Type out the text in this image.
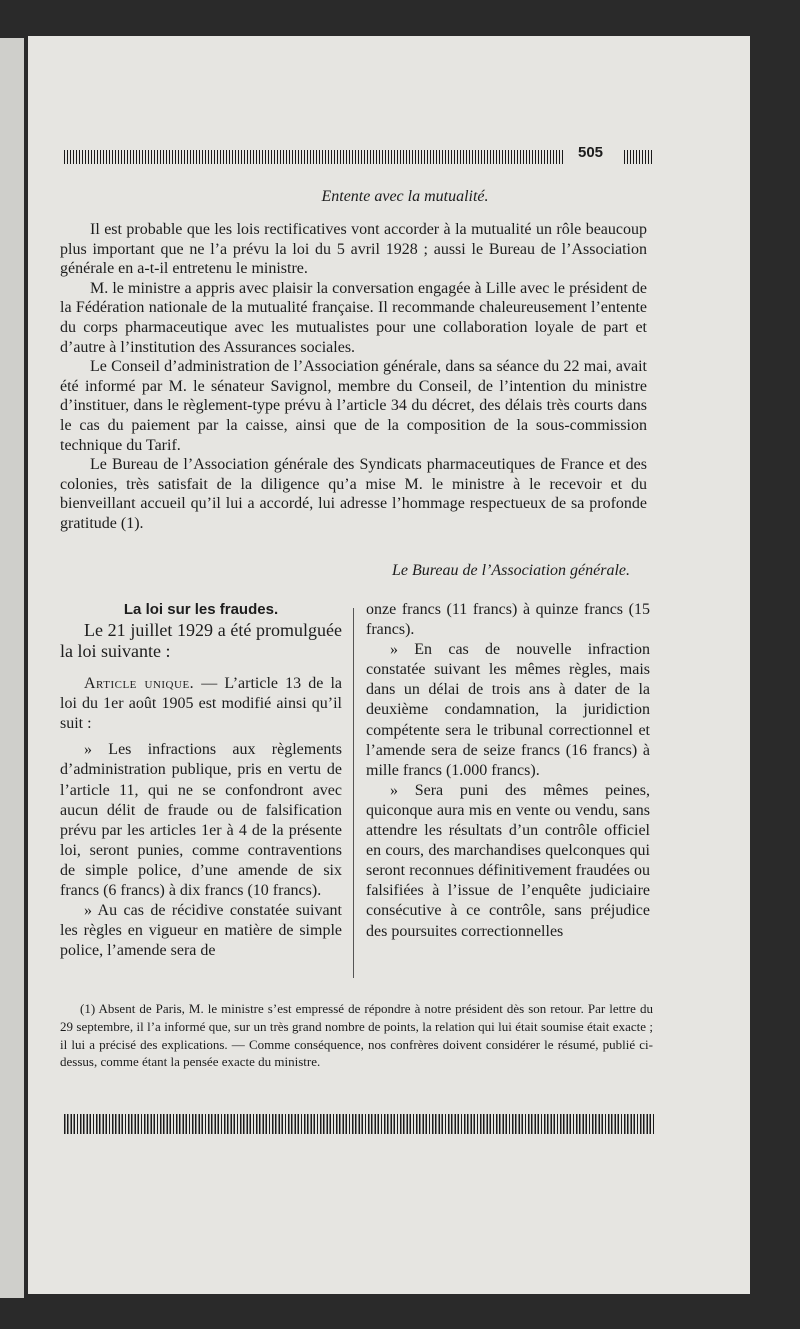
505
Entente avec la mutualité.

Il est probable que les lois rectificatives vont accorder à la mutualité un rôle beaucoup plus important que ne l’a prévu la loi du 5 avril 1928 ; aussi le Bureau de l’Association générale en a-t-il entretenu le ministre.

M. le ministre a appris avec plaisir la conversation engagée à Lille avec le président de la Fédération nationale de la mutualité française. Il recommande chaleureusement l’entente du corps pharmaceutique avec les mutualistes pour une collaboration loyale de part et d’autre à l’institution des Assurances sociales.

Le Conseil d’administration de l’Association générale, dans sa séance du 22 mai, avait été informé par M. le sénateur Savignol, membre du Conseil, de l’intention du ministre d’instituer, dans le règlement-type prévu à l’article 34 du décret, des délais très courts dans le cas du paiement par la caisse, ainsi que de la composition de la sous-commission technique du Tarif.

Le Bureau de l’Association générale des Syndicats pharmaceutiques de France et des colonies, très satisfait de la diligence qu’a mise M. le ministre à le recevoir et du bienveillant accueil qu’il lui a accordé, lui adresse l’hommage respectueux de sa profonde gratitude (1).

Le Bureau de l’Association générale.

La loi sur les fraudes.

Le 21 juillet 1929 a été promulguée la loi suivante :

Article unique. — L’article 13 de la loi du 1er août 1905 est modifié ainsi qu’il suit :

» Les infractions aux règlements d’administration publique, pris en vertu de l’article 11, qui ne se confondront avec aucun délit de fraude ou de falsification prévu par les articles 1er à 4 de la présente loi, seront punies, comme contraventions de simple police, d’une amende de six francs (6 francs) à dix francs (10 francs).

» Au cas de récidive constatée suivant les règles en vigueur en matière de simple police, l’amende sera de

onze francs (11 francs) à quinze francs (15 francs).

» En cas de nouvelle infraction constatée suivant les mêmes règles, mais dans un délai de trois ans à dater de la deuxième condamnation, la juridiction compétente sera le tribunal correctionnel et l’amende sera de seize francs (16 francs) à mille francs (1.000 francs).

» Sera puni des mêmes peines, quiconque aura mis en vente ou vendu, sans attendre les résultats d’un contrôle officiel en cours, des marchandises quelconques qui seront reconnues définitivement fraudées ou falsifiées à l’issue de l’enquête judiciaire consécutive à ce contrôle, sans préjudice des poursuites correctionnelles

(1) Absent de Paris, M. le ministre s’est empressé de répondre à notre président dès son retour. Par lettre du 29 septembre, il l’a informé que, sur un très grand nombre de points, la relation qui lui était soumise était exacte ; il lui a précisé des explications. — Comme conséquence, nos confrères doivent considérer le résumé, publié ci-dessus, comme étant la pensée exacte du ministre.
